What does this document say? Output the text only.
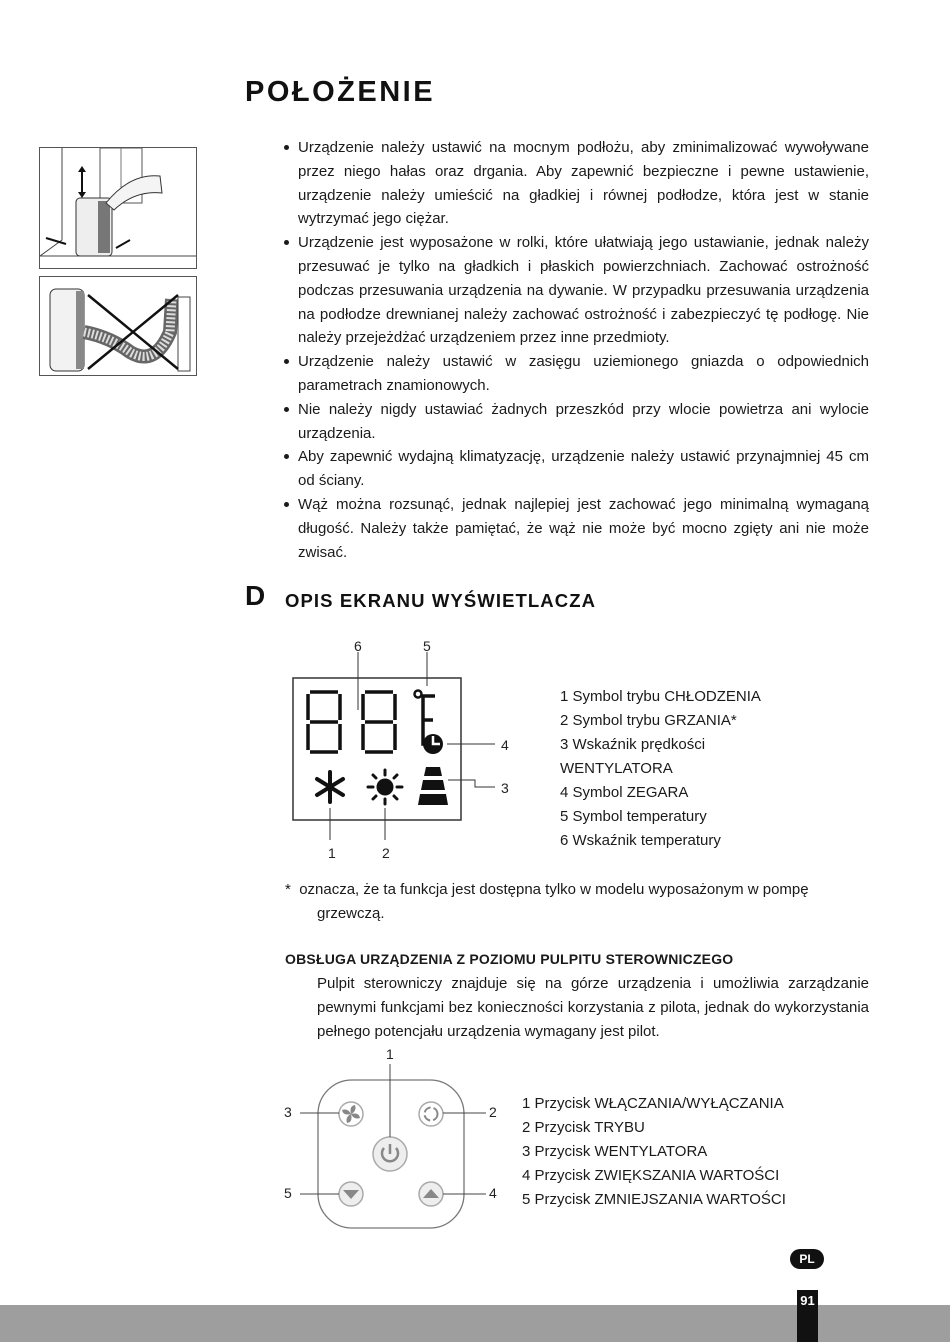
POŁOŻENIE
Urządzenie należy ustawić na mocnym podłożu, aby zminimalizować wywoływane przez niego hałas oraz drgania. Aby zapewnić bezpieczne i pewne ustawienie, urządzenie należy umieścić na gładkiej i równej podłodze, która jest w stanie wytrzymać jego ciężar.
Urządzenie jest wyposażone w rolki, które ułatwiają jego ustawianie, jednak należy przesuwać je tylko na gładkich i płaskich powierzchniach. Zachować ostrożność podczas przesuwania urządzenia na dywanie. W przypadku przesuwania urządzenia na podłodze drewnianej należy zachować ostrożność i zabezpieczyć tę podłogę. Nie należy przejeżdżać urządzeniem przez inne przedmioty.
Urządzenie należy ustawić w zasięgu uziemionego gniazda o odpowiednich parametrach znamionowych.
Nie należy nigdy ustawiać żadnych przeszkód przy wlocie powietrza ani wylocie urządzenia.
Aby zapewnić wydajną klimatyzację, urządzenie należy ustawić przynajmniej 45 cm od ściany.
Wąż można rozsunąć, jednak najlepiej jest zachować jego minimalną wymaganą długość. Należy także pamiętać, że wąż nie może być mocno zgięty ani nie może zwisać.
D OPIS EKRANU WYŚWIETLACZA
6	5
4
3
1	2
1 Symbol trybu CHŁODZENIA
2 Symbol trybu GRZANIA*
3 Wskaźnik prędkości
WENTYLATORA
4 Symbol ZEGARA
5 Symbol temperatury
6 Wskaźnik temperatury
* oznacza, że ta funkcja jest dostępna tylko w modelu wyposażonym w pompę
grzewczą.
OBSŁUGA URZĄDZENIA Z POZIOMU PULPITU STEROWNICZEGO
Pulpit sterowniczy znajduje się na górze urządzenia i umożliwia zarządzanie pewnymi funkcjami bez konieczności korzystania z pilota, jednak do wykorzystania pełnego potencjału urządzenia wymagany jest pilot.
1
2
3
4
5
1 Przycisk WŁĄCZANIA/WYŁĄCZANIA
2 Przycisk TRYBU
3 Przycisk WENTYLATORA
4 Przycisk ZWIĘKSZANIA WARTOŚCI
5 Przycisk ZMNIEJSZANIA WARTOŚCI
PL
91
